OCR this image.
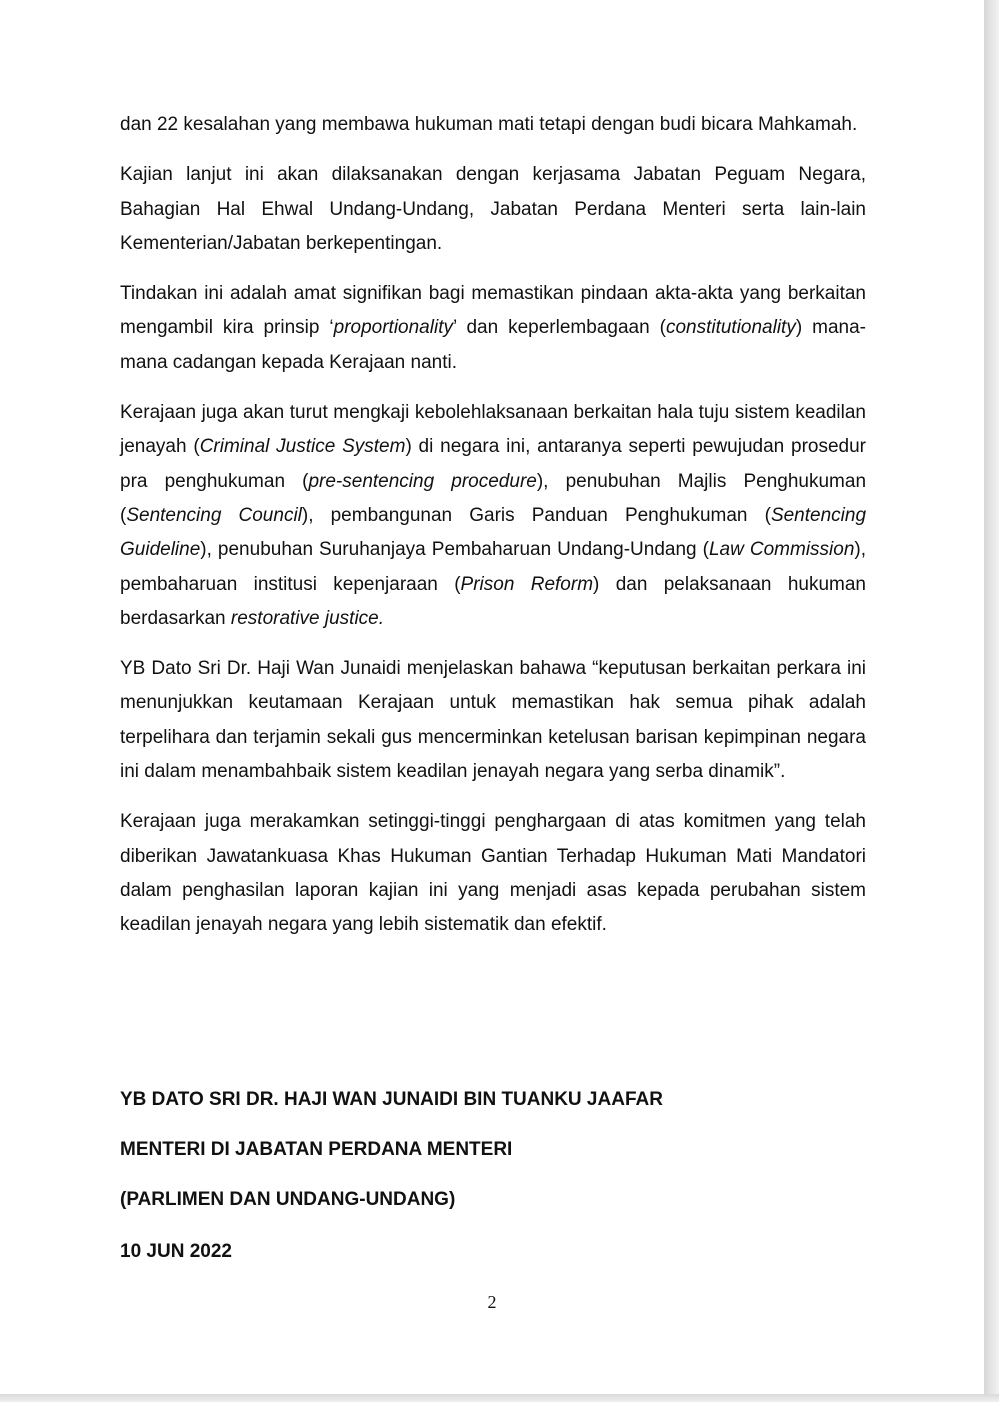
dan 22 kesalahan yang membawa hukuman mati tetapi dengan budi bicara Mahkamah.

Kajian lanjut ini akan dilaksanakan dengan kerjasama Jabatan Peguam Negara, Bahagian Hal Ehwal Undang-Undang, Jabatan Perdana Menteri serta lain-lain Kementerian/Jabatan berkepentingan.

Tindakan ini adalah amat signifikan bagi memastikan pindaan akta-akta yang berkaitan mengambil kira prinsip ‘proportionality’ dan keperlembagaan (constitutionality) mana-mana cadangan kepada Kerajaan nanti.

Kerajaan juga akan turut mengkaji kebolehlaksanaan berkaitan hala tuju sistem keadilan jenayah (Criminal Justice System) di negara ini, antaranya seperti pewujudan prosedur pra penghukuman (pre-sentencing procedure), penubuhan Majlis Penghukuman (Sentencing Council), pembangunan Garis Panduan Penghukuman (Sentencing Guideline), penubuhan Suruhanjaya Pembaharuan Undang-Undang (Law Commission), pembaharuan institusi kepenjaraan (Prison Reform) dan pelaksanaan hukuman berdasarkan restorative justice.

YB Dato Sri Dr. Haji Wan Junaidi menjelaskan bahawa “keputusan berkaitan perkara ini menunjukkan keutamaan Kerajaan untuk memastikan hak semua pihak adalah terpelihara dan terjamin sekali gus mencerminkan ketelusan barisan kepimpinan negara ini dalam menambahbaik sistem keadilan jenayah negara yang serba dinamik”.

Kerajaan juga merakamkan setinggi-tinggi penghargaan di atas komitmen yang telah diberikan Jawatankuasa Khas Hukuman Gantian Terhadap Hukuman Mati Mandatori dalam penghasilan laporan kajian ini yang menjadi asas kepada perubahan sistem keadilan jenayah negara yang lebih sistematik dan efektif.

YB DATO SRI DR. HAJI WAN JUNAIDI BIN TUANKU JAAFAR
MENTERI DI JABATAN PERDANA MENTERI
(PARLIMEN DAN UNDANG-UNDANG)
10 JUN 2022
2
